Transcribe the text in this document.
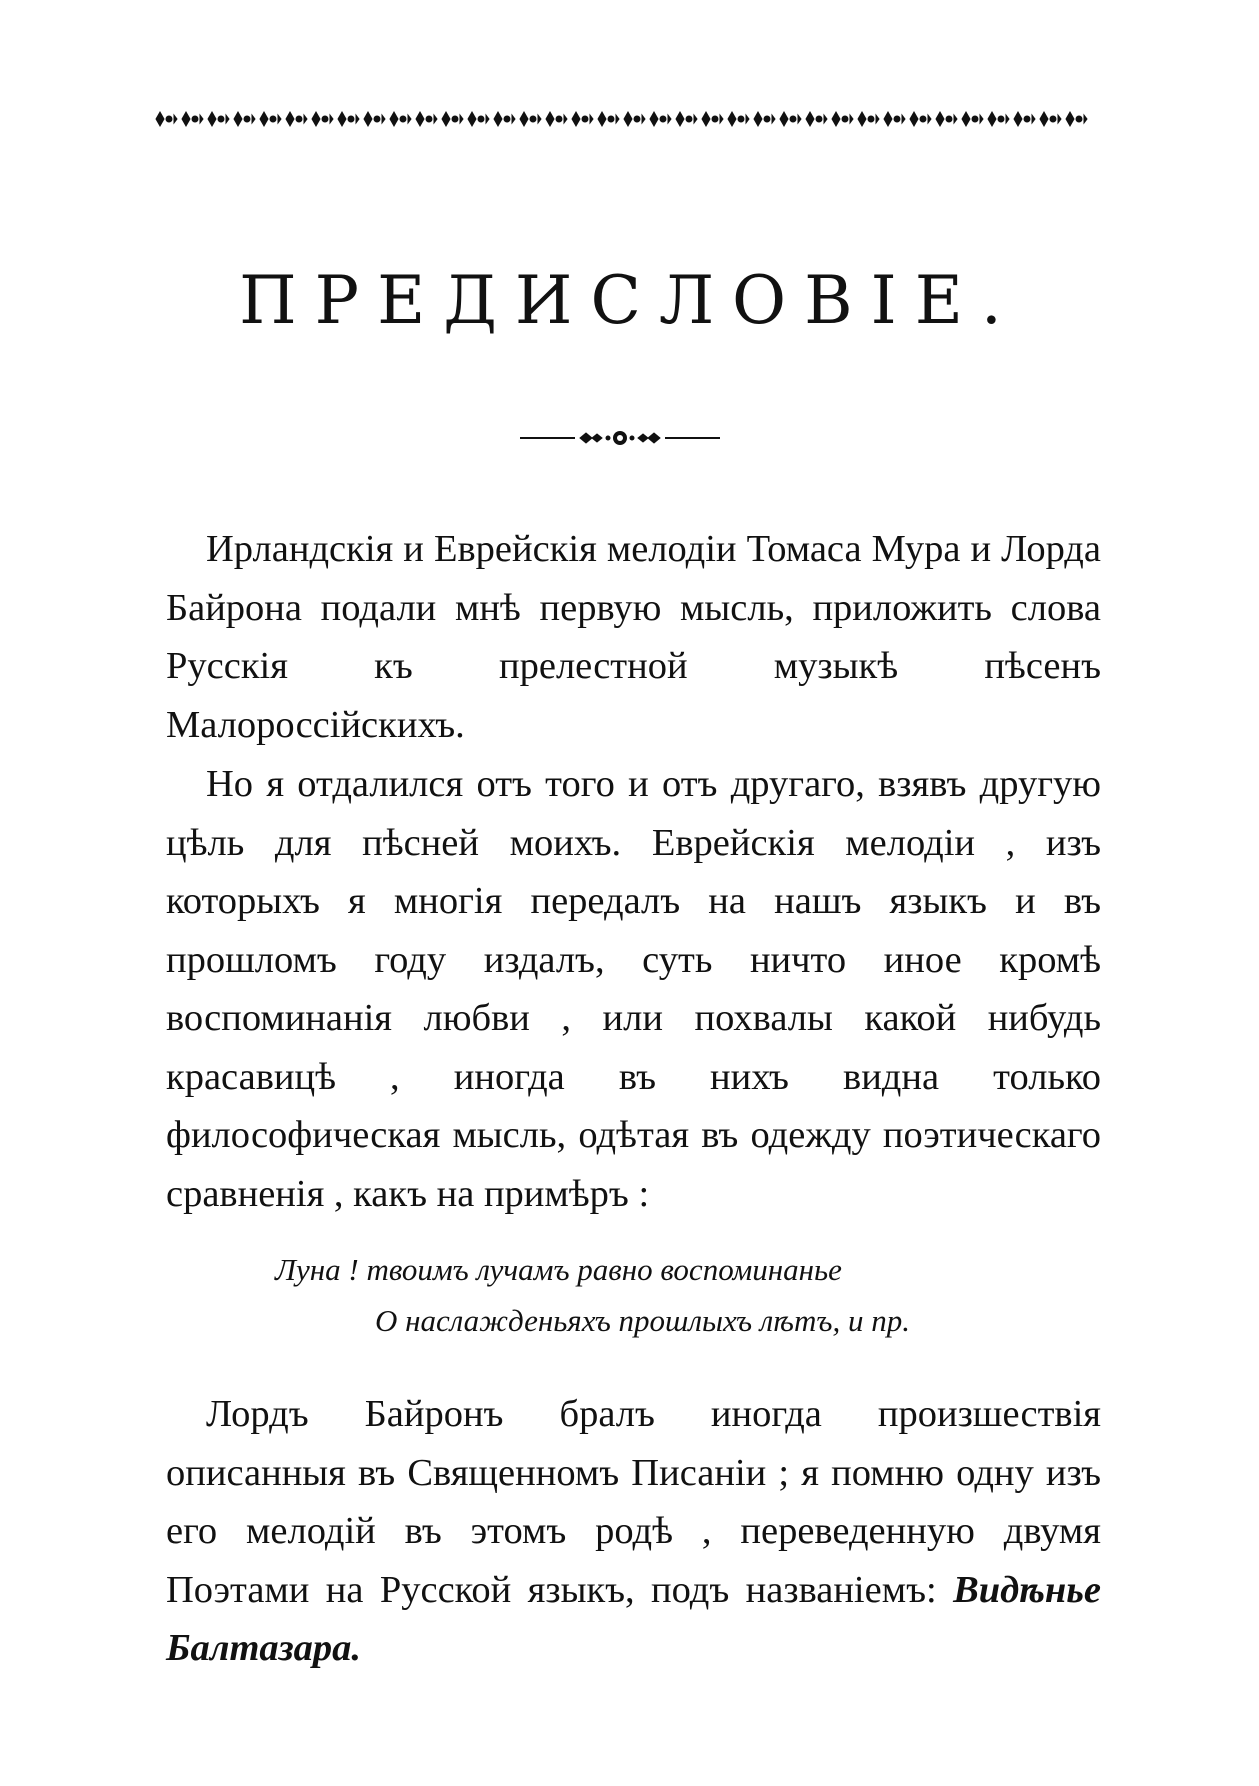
ПРЕДИСЛОВІЕ.

Ирландскія и Еврейскія мелодіи Томаса Мура и Лорда Байрона подали мнѣ первую мысль, приложить слова Русскія къ прелестной музыкѣ пѣсенъ Малороссійскихъ.

Но я отдалился отъ того и отъ другаго, взявъ другую цѣль для пѣсней моихъ. Еврейскія мелодіи , изъ которыхъ я многія передалъ на нашъ языкъ и въ прошломъ году издалъ, суть ничто иное кромѣ воспоминанія любви , или похвалы какой нибудь красавицѣ , иногда въ нихъ видна только философическая мысль, одѣтая въ одежду поэтическаго сравненія , какъ на примѣръ :

Луна ! твоимъ лучамъ равно воспоминанье
О наслажденьяхъ прошлыхъ лѣтъ, и пр.

Лордъ Байронъ бралъ иногда произшествія описанныя въ Священномъ Писаніи ; я помню одну изъ его мелодій въ этомъ родѣ , переведенную двумя Поэтами на Русской языкъ, подъ названіемъ: Видѣнье Балтазара.
